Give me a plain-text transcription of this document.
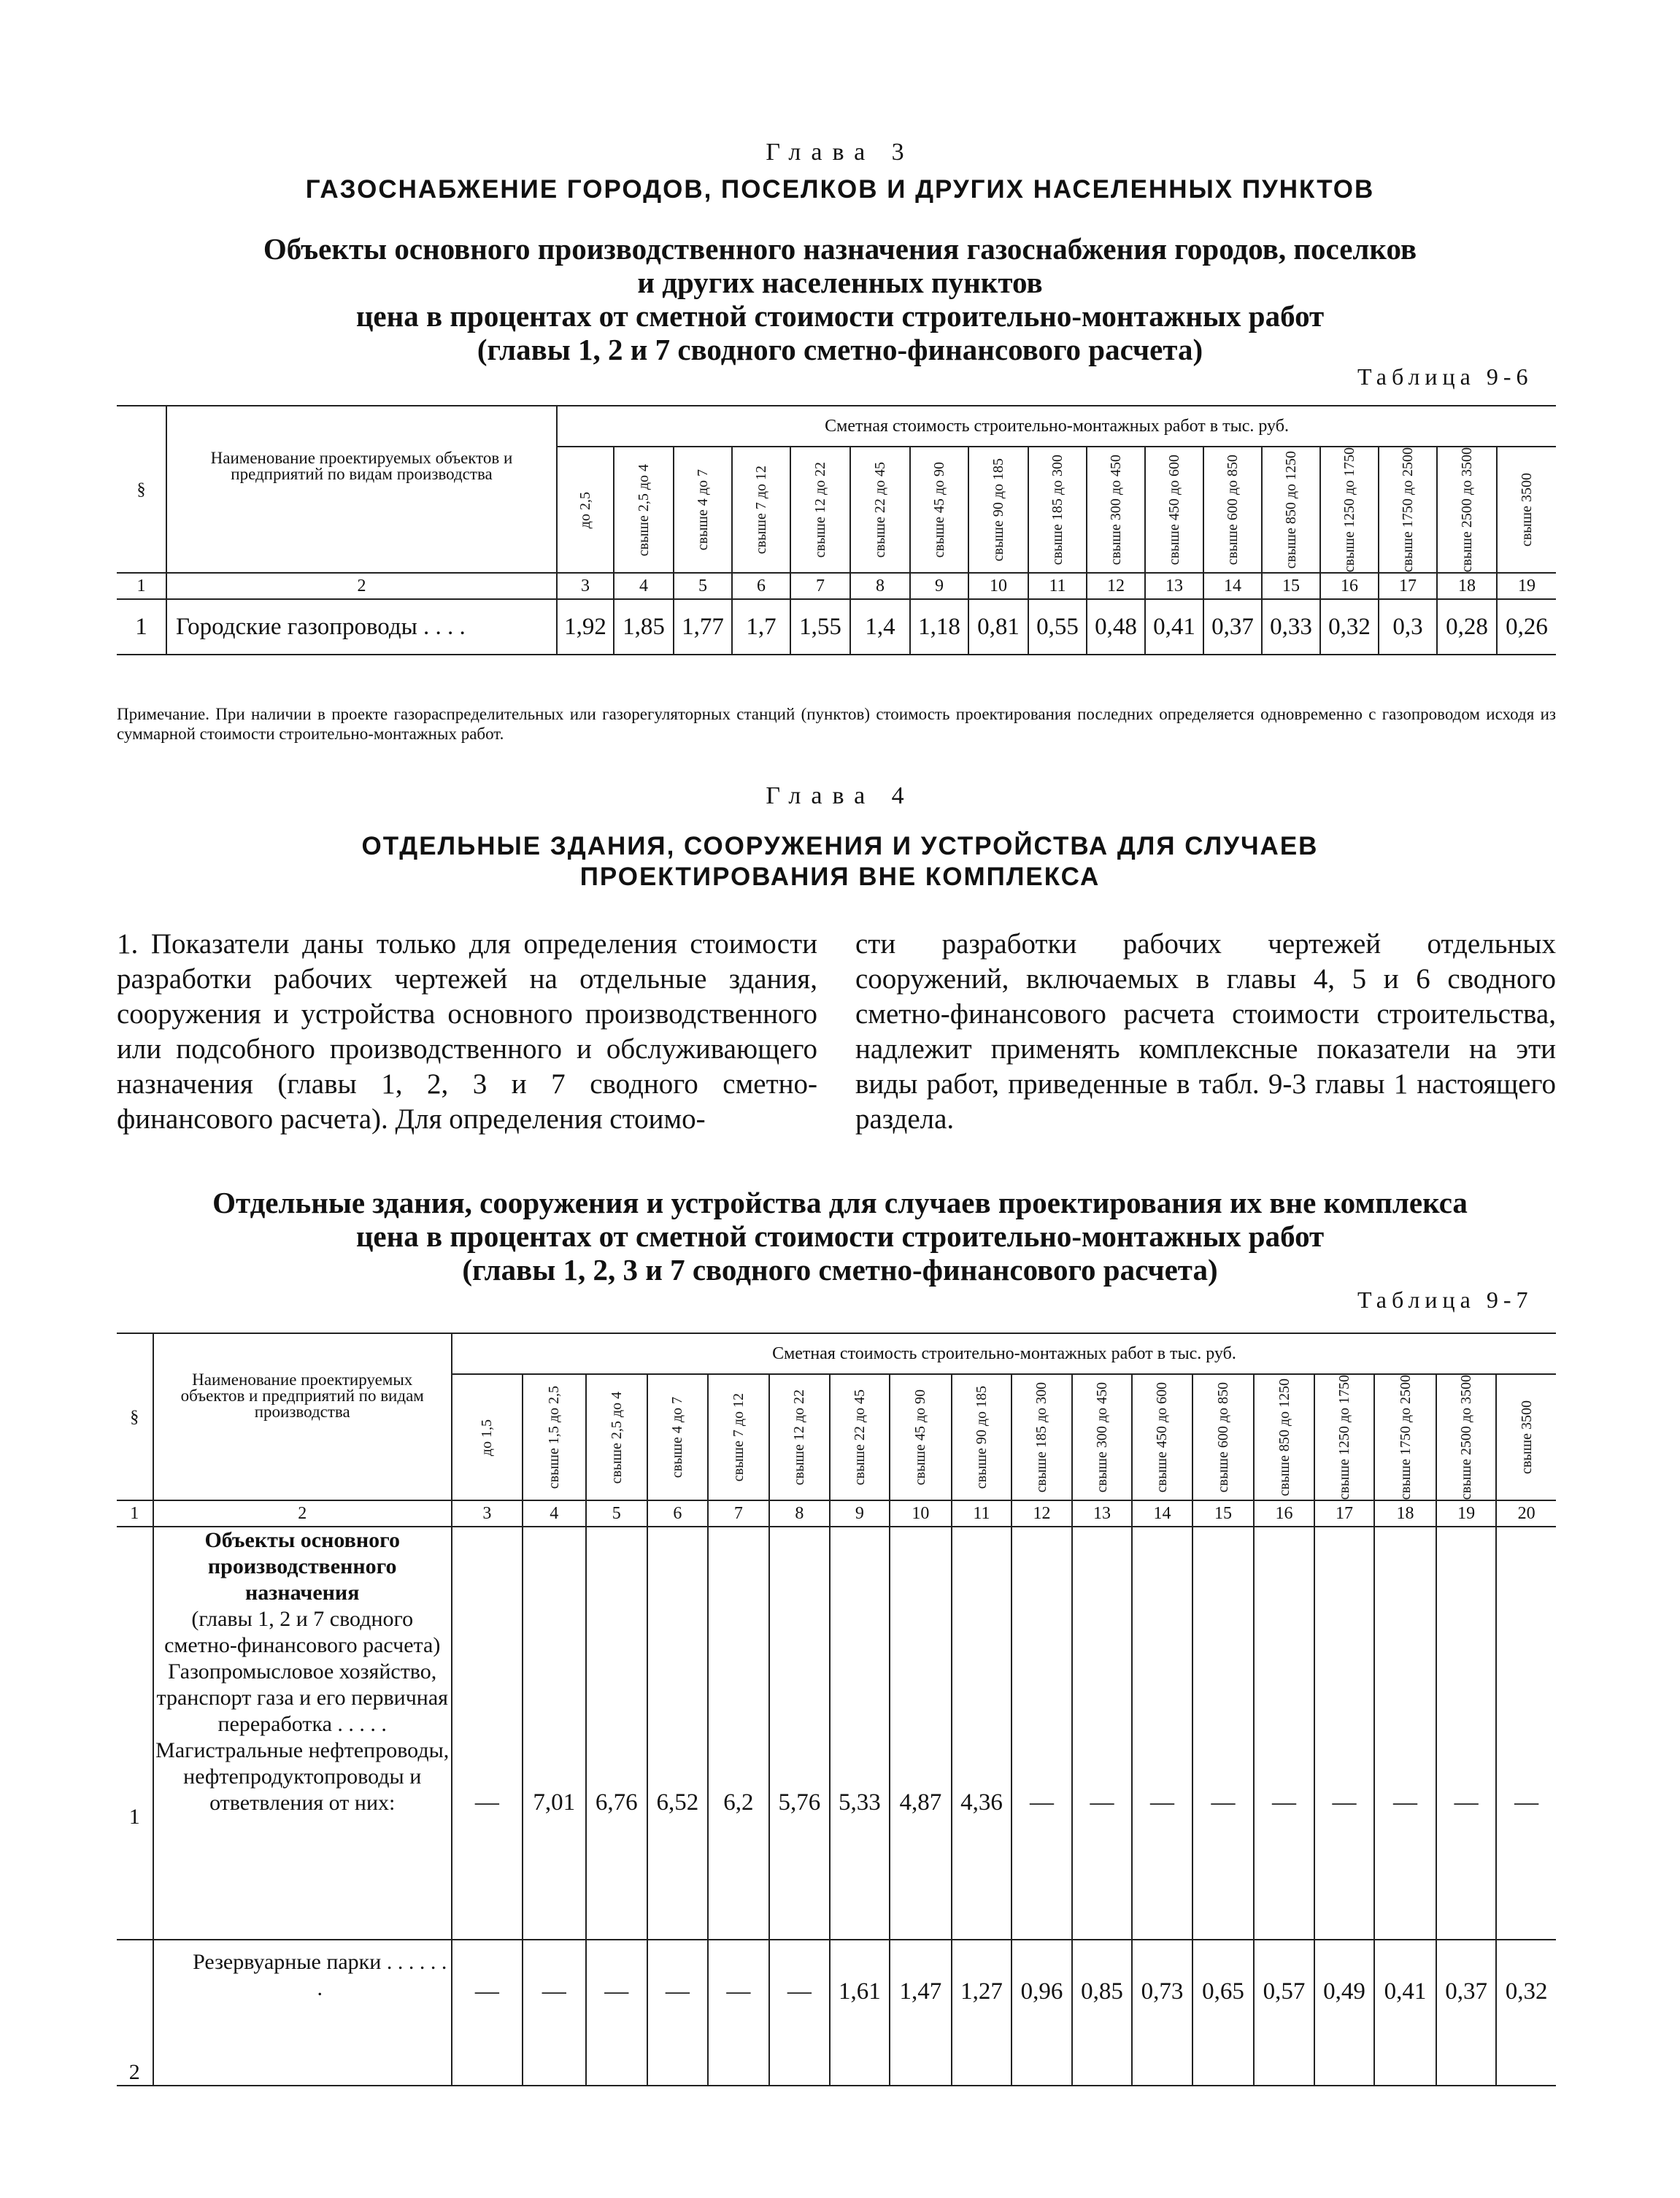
Глава 3
ГАЗОСНАБЖЕНИЕ ГОРОДОВ, ПОСЕЛКОВ И ДРУГИХ НАСЕЛЕННЫХ ПУНКТОВ
Объекты основного производственного назначения газоснабжения городов, поселков
и других населенных пунктов
цена в процентах от сметной стоимости строительно-монтажных работ
(главы 1, 2 и 7 сводного сметно-финансового расчета)
Таблица 9-6
§	Наименование проектируемых объектов и предприятий по видам производства	Сметная стоимость строительно-монтажных работ в тыс. руб.																

		до 2,5	свыше 2,5 до 4	свыше 4 до 7	свыше 7 до 12	свыше 12 до 22	свыше 22 до 45	свыше 45 до 90	свыше 90 до 185	свыше 185 до 300	свыше 300 до 450	свыше 450 до 600	свыше 600 до 850	свыше 850 до 1250	свыше 1250 до 1750	свыше 1750 до 2500	свыше 2500 до 3500	свыше 3500

1	2	3	4	5	6	7	8	9	10	11	12	13	14	15	16	17	18	19
1	Городские газопроводы . . . .	1,92	1,85	1,77	1,7	1,55	1,4	1,18	0,81	0,55	0,48	0,41	0,37	0,33	0,32	0,3	0,28	0,26
Примечание. При наличии в проекте газораспределительных или газорегуляторных станций (пунктов) стоимость проектирования последних определяется одновременно с газопроводом исходя из суммарной стоимости строительно-монтажных работ.
Глава 4
ОТДЕЛЬНЫЕ ЗДАНИЯ, СООРУЖЕНИЯ И УСТРОЙСТВА ДЛЯ СЛУЧАЕВ
ПРОЕКТИРОВАНИЯ ВНЕ КОМПЛЕКСА
1. Показатели даны только для определения стоимости разработки рабочих чертежей на отдельные здания, сооружения и устройства основного производственного или подсобного производственного и обслуживающего назначения (главы 1, 2, 3 и 7 сводного сметно-финансового расчета). Для определения стоимо-
сти разработки рабочих чертежей отдельных сооружений, включаемых в главы 4, 5 и 6 сводного сметно-финансового расчета стоимости строительства, надлежит применять комплексные показатели на эти виды работ, приведенные в табл. 9-3 главы 1 настоящего раздела.
Отдельные здания, сооружения и устройства для случаев проектирования их вне комплекса
цена в процентах от сметной стоимости строительно-монтажных работ
(главы 1, 2, 3 и 7 сводного сметно-финансового расчета)
Таблица 9-7
§	Наименование проектируемых объектов и предприятий по видам производства	Сметная стоимость строительно-монтажных работ в тыс. руб.																	

		до 1,5	свыше 1,5 до 2,5	свыше 2,5 до 4	свыше 4 до 7	свыше 7 до 12	свыше 12 до 22	свыше 22 до 45	свыше 45 до 90	свыше 90 до 185	свыше 185 до 300	свыше 300 до 450	свыше 450 до 600	свыше 600 до 850	свыше 850 до 1250	свыше 1250 до 1750	свыше 1750 до 2500	свыше 2500 до 3500	свыше 3500

1	2	3	4	5	6	7	8	9	10	11	12	13	14	15	16	17	18	19	20
1	Объекты основного производственного назначения
(главы 1, 2 и 7 сводного сметно-финансового расчета)
Газопромысловое хозяйство, транспорт газа и его первичная переработка . . . . .
Магистральные нефтепроводы, нефтепродуктопроводы и ответвления от них:	—	7,01	6,76	6,52	6,2	5,76	5,33	4,87	4,36	—	—	—	—	—	—	—	—	—
2	Резервуарные парки . . . . . . .	—	—	—	—	—	—	1,61	1,47	1,27	0,96	0,85	0,73	0,65	0,57	0,49	0,41	0,37	0,32
